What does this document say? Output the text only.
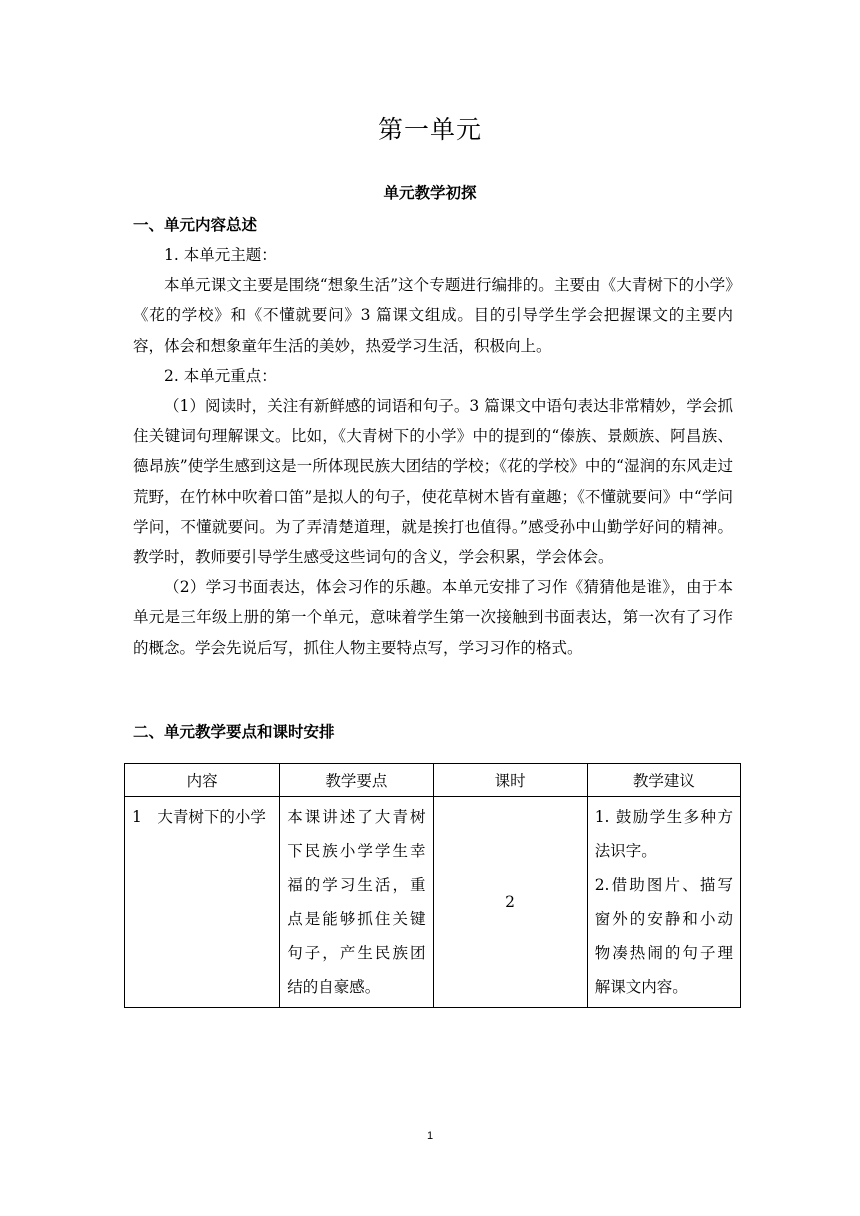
第一单元
单元教学初探
一、单元内容总述

1. 本单元主题：

本单元课文主要是围绕“想象生活”这个专题进行编排的。主要由《大青树下的小学》《花的学校》和《不懂就要问》3 篇课文组成。目的引导学生学会把握课文的主要内容，体会和想象童年生活的美妙，热爱学习生活，积极向上。

2. 本单元重点：

（1）阅读时，关注有新鲜感的词语和句子。3 篇课文中语句表达非常精妙，学会抓住关键词句理解课文。比如，《大青树下的小学》中的提到的“傣族、景颇族、阿昌族、德昂族”使学生感到这是一所体现民族大团结的学校；《花的学校》中的“湿润的东风走过荒野，在竹林中吹着口笛”是拟人的句子，使花草树木皆有童趣；《不懂就要问》中“学问学问，不懂就要问。为了弄清楚道理，就是挨打也值得。”感受孙中山勤学好问的精神。教学时，教师要引导学生感受这些词句的含义，学会积累，学会体会。

（2）学习书面表达，体会习作的乐趣。本单元安排了习作《猜猜他是谁》，由于本单元是三年级上册的第一个单元，意味着学生第一次接触到书面表达，第一次有了习作的概念。学会先说后写，抓住人物主要特点写，学习习作的格式。

二、单元教学要点和课时安排
内容	教学要点	课时	教学建议
1　大青树下的小学	本课讲述了大青树下民族小学学生幸福的学习生活，重点是能够抓住关键句子，产生民族团结的自豪感。	2	1. 鼓励学生多种方法识字。
2.借助图片、描写窗外的安静和小动物凑热闹的句子理解课文内容。
1
